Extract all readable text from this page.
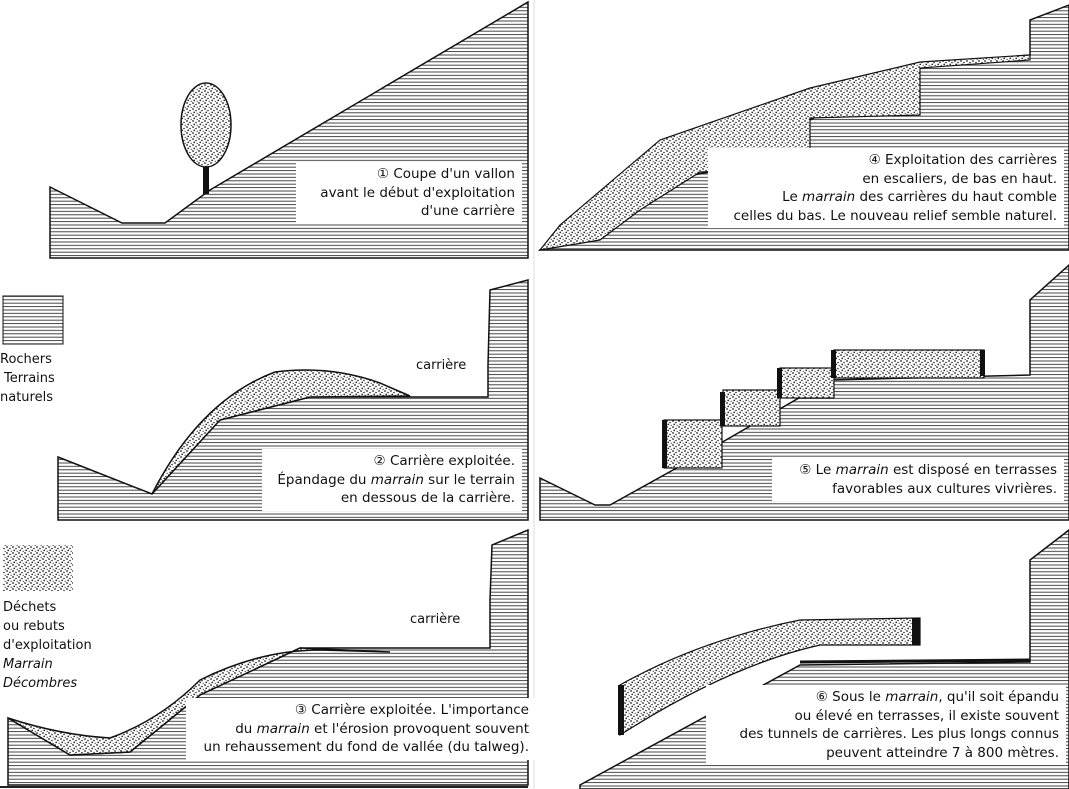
Rochers
Terrains
naturels
Déchets
ou rebuts
d'exploitation
Marrain
Décombres
carrière
carrière
① Coupe d'un vallon
avant le début d'exploitation
d'une carrière
② Carrière exploitée.
Épandage du marrain sur le terrain
en dessous de la carrière.
③ Carrière exploitée. L'importance
du marrain et l'érosion provoquent souvent
un rehaussement du fond de vallée (du talweg).
④ Exploitation des carrières
en escaliers, de bas en haut.
Le marrain des carrières du haut comble
celles du bas. Le nouveau relief semble naturel.
⑤ Le marrain est disposé en terrasses
favorables aux cultures vivrières.
⑥ Sous le marrain, qu'il soit épandu
ou élevé en terrasses, il existe souvent
des tunnels de carrières. Les plus longs connus
peuvent atteindre 7 à 800 mètres.
